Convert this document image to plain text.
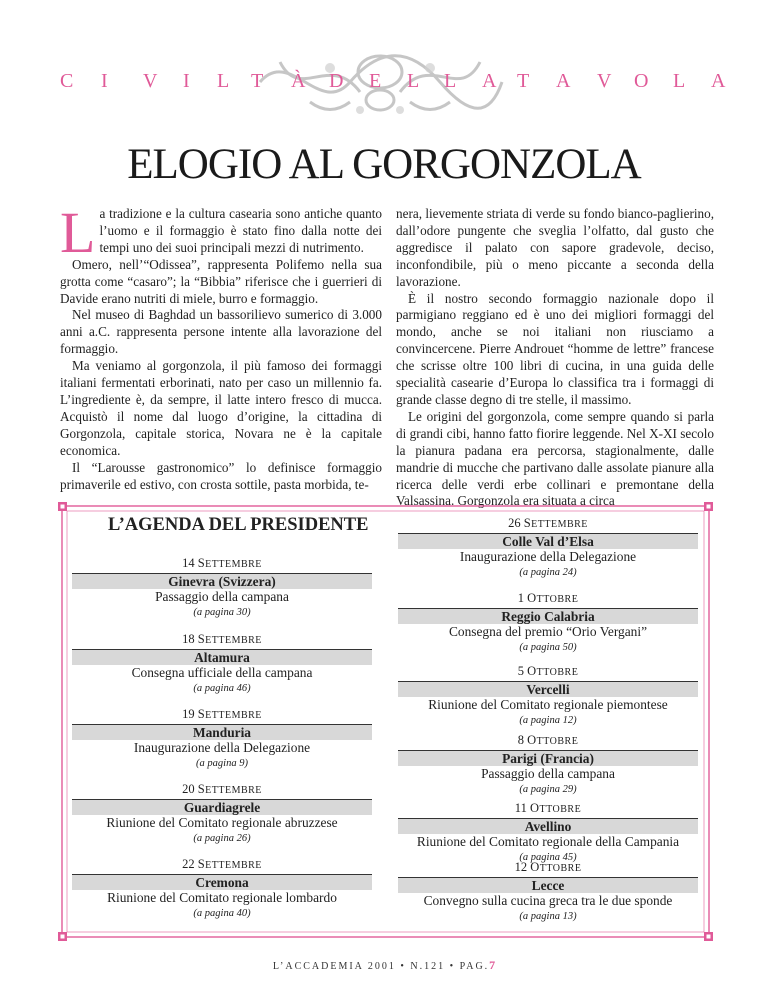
C I V I L T À D E L L A T A V O L A
ELOGIO AL GORGONZOLA

La tradizione e la cultura casearia sono antiche quanto l’uomo e il formaggio è stato fino dalla notte dei tempi uno dei suoi principali mezzi di nutrimento.

Omero, nell’“Odissea”, rappresenta Polifemo nella sua grotta come “casaro”; la “Bibbia” riferisce che i guerrieri di Davide erano nutriti di miele, burro e formaggio.

Nel museo di Baghdad un bassorilievo sumerico di 3.000 anni a.C. rappresenta persone intente alla lavorazione del formaggio.

Ma veniamo al gorgonzola, il più famoso dei formaggi italiani fermentati erborinati, nato per caso un millennio fa. L’ingrediente è, da sempre, il latte intero fresco di mucca. Acquistò il nome dal luogo d’origine, la cittadina di Gorgonzola, capitale storica, Novara ne è la capitale economica.

Il “Larousse gastronomico” lo definisce formaggio primaverile ed estivo, con crosta sottile, pasta morbida, te-

nera, lievemente striata di verde su fondo bianco-paglierino, dall’odore pungente che sveglia l’olfatto, dal gusto che aggredisce il palato con sapore gradevole, deciso, inconfondibile, più o meno piccante a seconda della lavorazione.

È il nostro secondo formaggio nazionale dopo il parmigiano reggiano ed è uno dei migliori formaggi del mondo, anche se noi italiani non riusciamo a convincercene. Pierre Androuet “homme de lettre” francese che scrisse oltre 100 libri di cucina, in una guida delle specialità casearie d’Europa lo classifica tra i formaggi di grande classe degno di tre stelle, il massimo.

Le origini del gorgonzola, come sempre quando si parla di grandi cibi, hanno fatto fiorire leggende. Nel X-XI secolo la pianura padana era percorsa, stagionalmente, dalle mandrie di mucche che partivano dalle assolate pianure alla ricerca delle verdi erbe collinari e premontane della Valsassina. Gorgonzola era situata a circa

L’AGENDA DEL PRESIDENTE
14 SETTEMBRE
Ginevra (Svizzera)
Passaggio della campana
(a pagina 30)
18 SETTEMBRE
Altamura
Consegna ufficiale della campana
(a pagina 46)
19 SETTEMBRE
Manduria
Inaugurazione della Delegazione
(a pagina 9)
20 SETTEMBRE
Guardiagrele
Riunione del Comitato regionale abruzzese
(a pagina 26)
22 SETTEMBRE
Cremona
Riunione del Comitato regionale lombardo
(a pagina 40)
26 SETTEMBRE
Colle Val d’Elsa
Inaugurazione della Delegazione
(a pagina 24)
1 OTTOBRE
Reggio Calabria
Consegna del premio “Orio Vergani”
(a pagina 50)
5 OTTOBRE
Vercelli
Riunione del Comitato regionale piemontese
(a pagina 12)
8 OTTOBRE
Parigi (Francia)
Passaggio della campana
(a pagina 29)
11 OTTOBRE
Avellino
Riunione del Comitato regionale della Campania
(a pagina 45)
12 OTTOBRE
Lecce
Convegno sulla cucina greca tra le due sponde
(a pagina 13)
L’ACCADEMIA 2001 • N.121 • PAG.7
